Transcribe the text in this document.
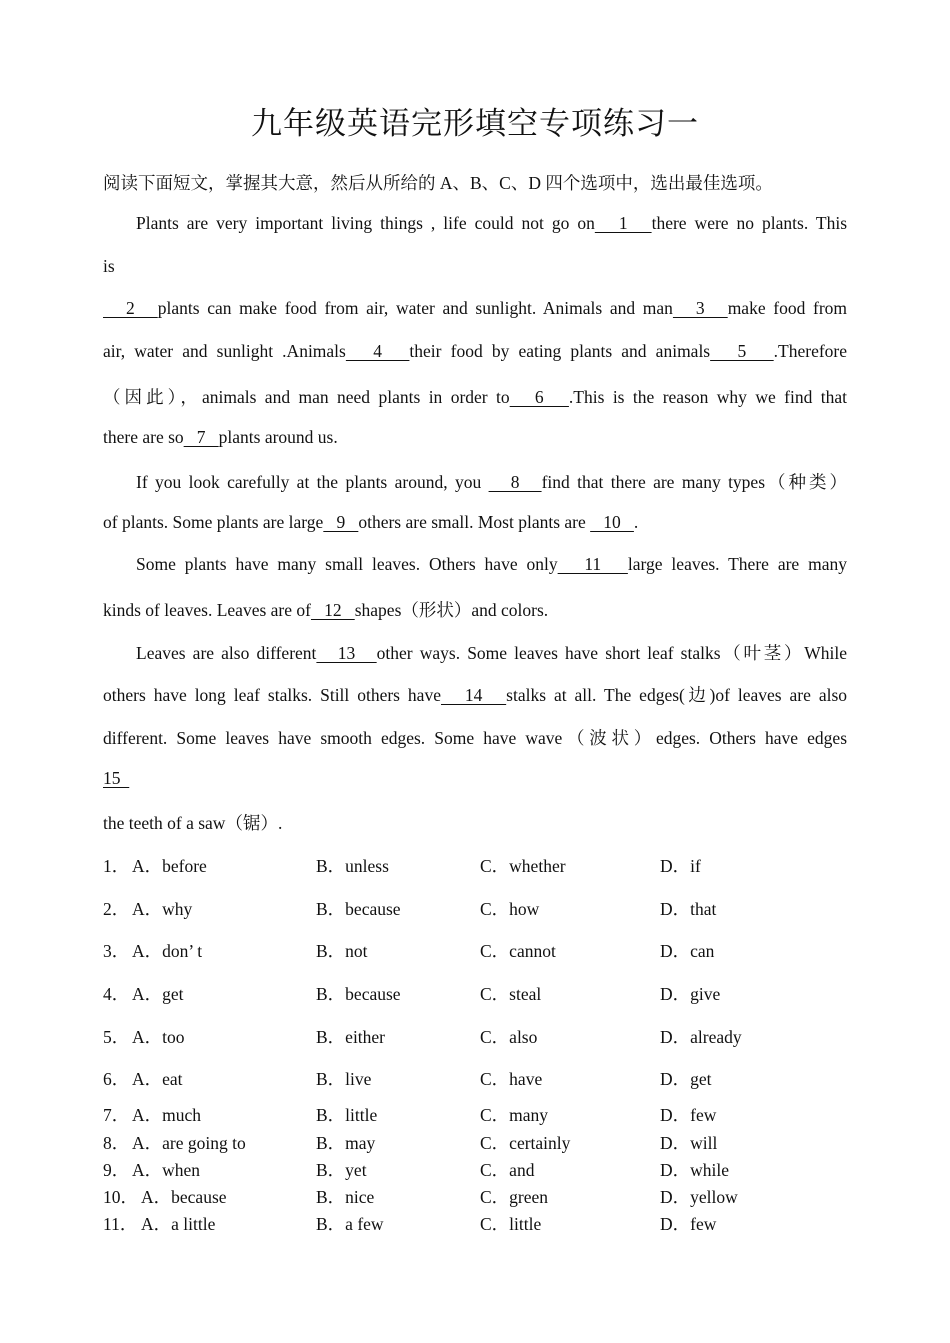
九年级英语完形填空专项练习一
阅读下面短文，掌握其大意，然后从所给的 A、B、C、D 四个选项中，选出最佳选项。
Plants are very important living things , life could not go on   1   there were no plants. This
is
2   plants can make food from air, water and sunlight. Animals and man   3   make food from
air, water and sunlight .Animals   4   their food by eating plants and animals   5   .Therefore
（因此），animals and man need plants in order to   6   .This is the reason why we find that
there are so   7   plants around us.
If you look carefully at the plants around, you    8   find that there are many types（种类）
of plants. Some plants are large   9   others are small. Most plants are    10   .
Some plants have many small leaves. Others have only   11   large leaves. There are many
kinds of leaves. Leaves are of   12   shapes（形状）and colors.
Leaves are also different   13   other ways. Some leaves have short leaf stalks（叶茎）While
others have long leaf stalks. Still others have   14   stalks at all. The edges(边)of leaves are also
different. Some leaves have smooth edges. Some have wave（波状）edges. Others have edges
15
the teeth of a saw（锯）.
1． A．before	B．unless	C．whether	D．if
2． A．why	B．because	C．how	D．that
3． A．don’ t	B．not	C．cannot	D．can
4． A．get	B．because	C．steal	D．give
5． A．too	B．either	C．also	D．already
6． A．eat	B．live	C．have	D．get
7． A．much	B．little	C．many	D．few
8． A．are going to	B．may	C．certainly	D．will
9． A．when	B．yet	C．and	D．while
10． A．because	B．nice	C．green	D．yellow
11． A．a little	B．a few	C．little	D．few
